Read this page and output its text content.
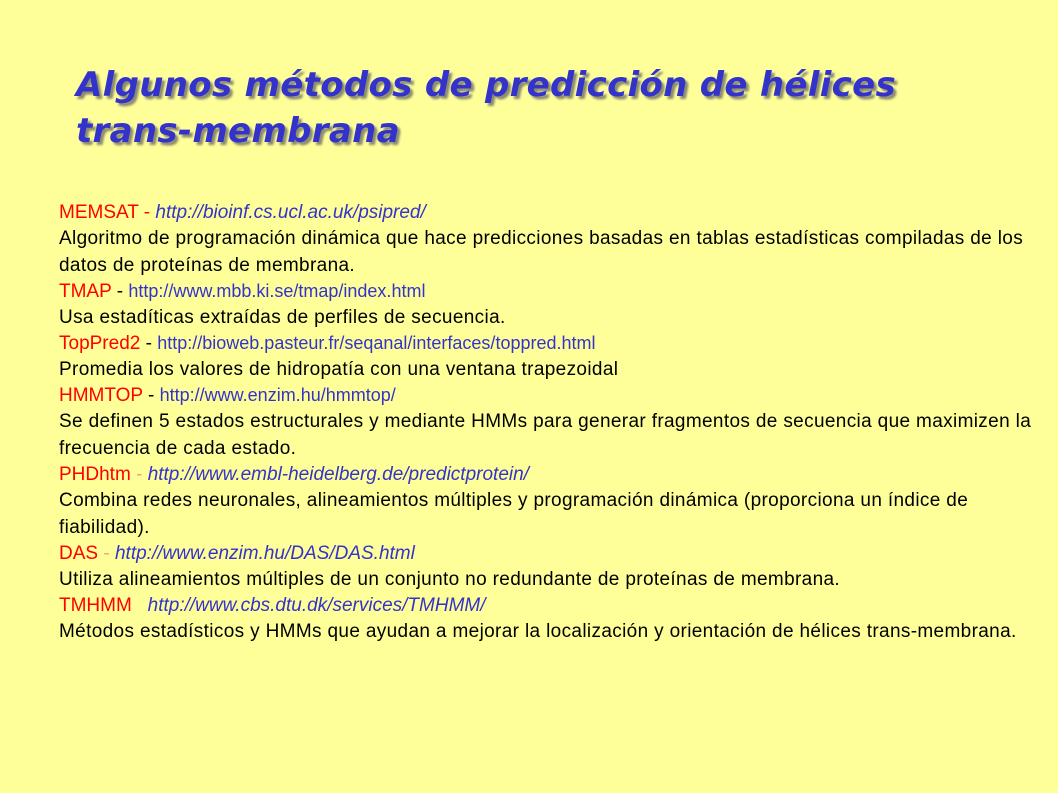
Algunos métodos de predicción de hélices
trans-membrana
MEMSAT - http://bioinf.cs.ucl.ac.uk/psipred/
Algoritmo de programación dinámica que hace predicciones basadas en tablas estadísticas compiladas de los datos de proteínas de membrana.
TMAP - http://www.mbb.ki.se/tmap/index.html
Usa estadíticas extraídas de perfiles de secuencia.
TopPred2 - http://bioweb.pasteur.fr/seqanal/interfaces/toppred.html
Promedia los valores de hidropatía con una ventana trapezoidal
HMMTOP - http://www.enzim.hu/hmmtop/
Se definen 5 estados estructurales y mediante HMMs para generar fragmentos de secuencia que maximizen la frecuencia de cada estado.
PHDhtm - http://www.embl-heidelberg.de/predictprotein/
Combina redes neuronales, alineamientos múltiples y programación dinámica (proporciona un índice de fiabilidad).
DAS - http://www.enzim.hu/DAS/DAS.html
Utiliza alineamientos múltiples de un conjunto no redundante de proteínas de membrana.
TMHMM http://www.cbs.dtu.dk/services/TMHMM/
Métodos estadísticos y HMMs que ayudan a mejorar la localización y orientación de hélices trans-membrana.
